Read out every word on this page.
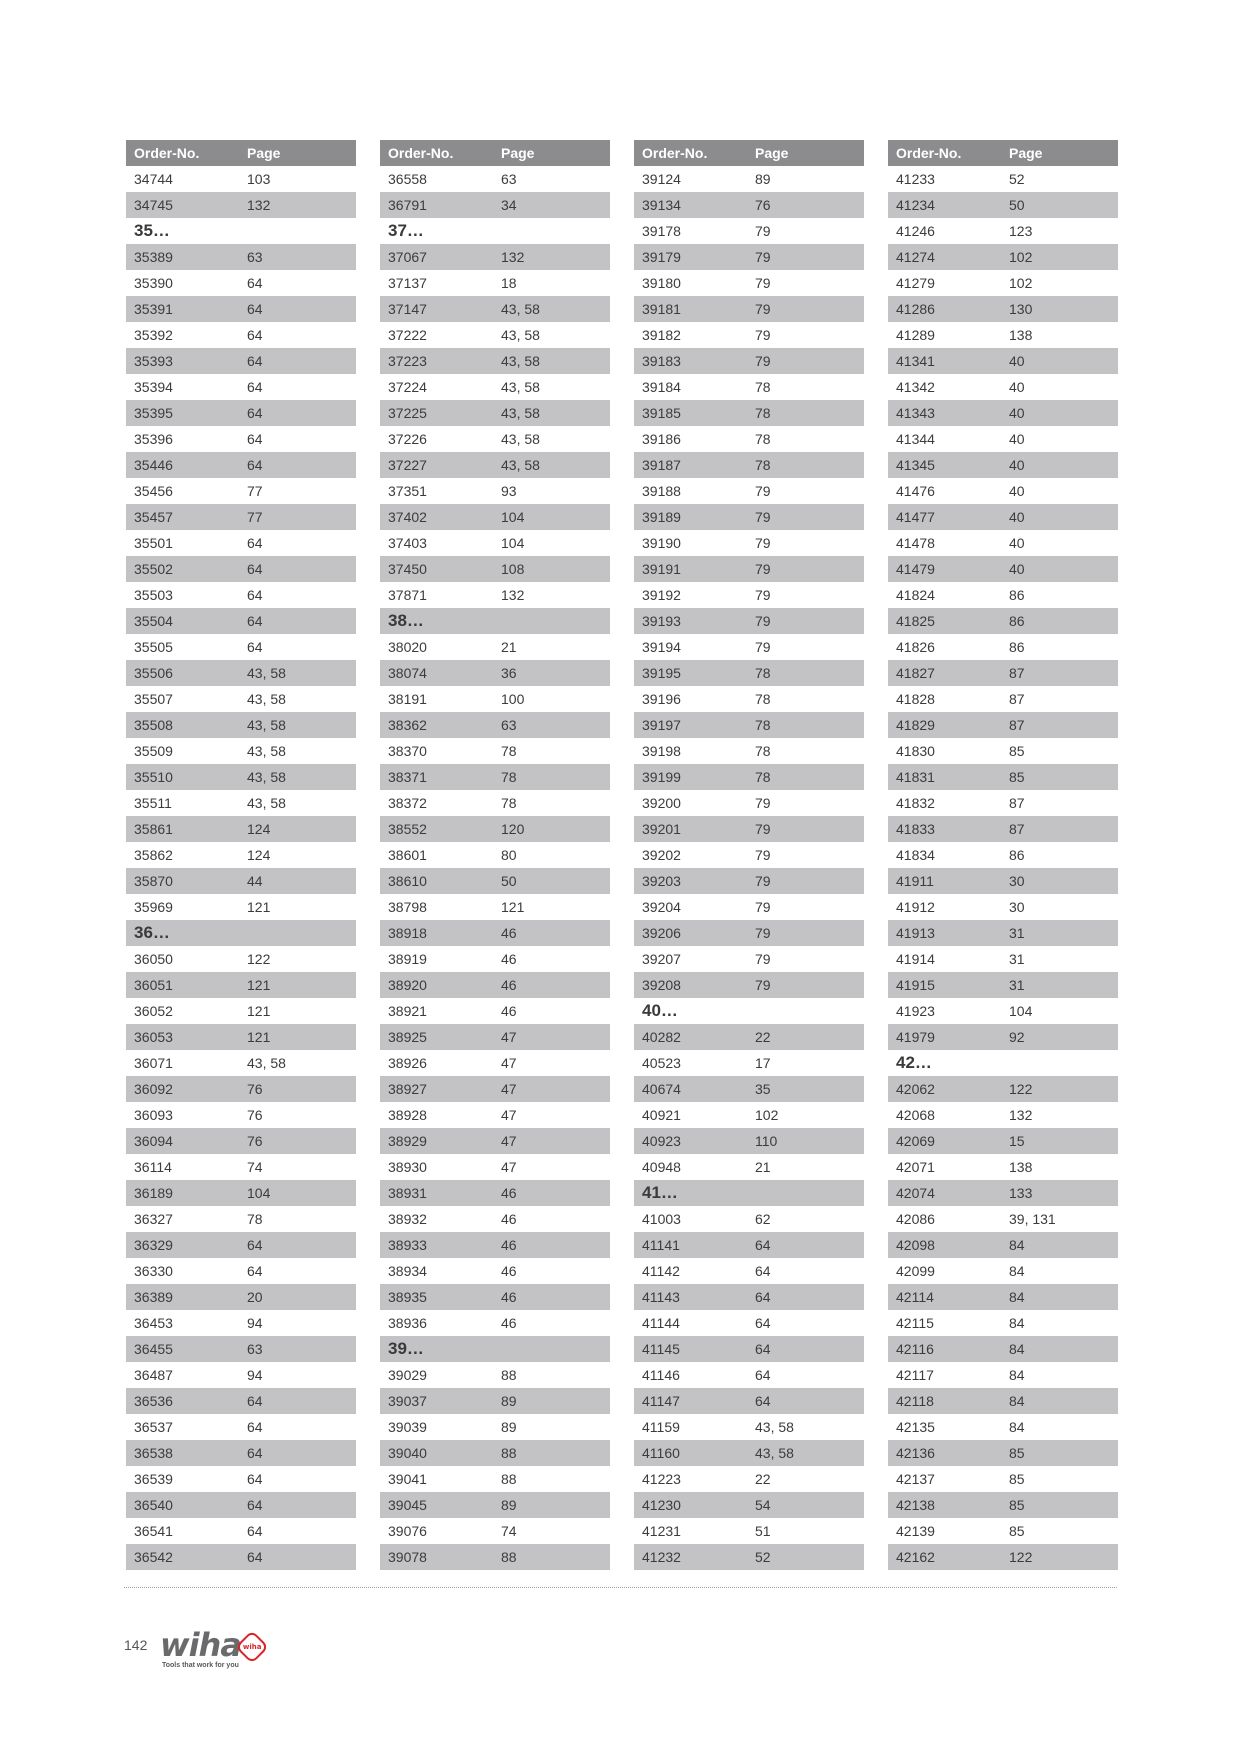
Order-No.	Page
34744	103
34745	132
35…
35389	63
35390	64
35391	64
35392	64
35393	64
35394	64
35395	64
35396	64
35446	64
35456	77
35457	77
35501	64
35502	64
35503	64
35504	64
35505	64
35506	43, 58
35507	43, 58
35508	43, 58
35509	43, 58
35510	43, 58
35511	43, 58
35861	124
35862	124
35870	44
35969	121
36…
36050	122
36051	121
36052	121
36053	121
36071	43, 58
36092	76
36093	76
36094	76
36114	74
36189	104
36327	78
36329	64
36330	64
36389	20
36453	94
36455	63
36487	94
36536	64
36537	64
36538	64
36539	64
36540	64
36541	64
36542	64
Order-No.	Page
36558	63
36791	34
37…
37067	132
37137	18
37147	43, 58
37222	43, 58
37223	43, 58
37224	43, 58
37225	43, 58
37226	43, 58
37227	43, 58
37351	93
37402	104
37403	104
37450	108
37871	132
38…
38020	21
38074	36
38191	100
38362	63
38370	78
38371	78
38372	78
38552	120
38601	80
38610	50
38798	121
38918	46
38919	46
38920	46
38921	46
38925	47
38926	47
38927	47
38928	47
38929	47
38930	47
38931	46
38932	46
38933	46
38934	46
38935	46
38936	46
39…
39029	88
39037	89
39039	89
39040	88
39041	88
39045	89
39076	74
39078	88
Order-No.	Page
39124	89
39134	76
39178	79
39179	79
39180	79
39181	79
39182	79
39183	79
39184	78
39185	78
39186	78
39187	78
39188	79
39189	79
39190	79
39191	79
39192	79
39193	79
39194	79
39195	78
39196	78
39197	78
39198	78
39199	78
39200	79
39201	79
39202	79
39203	79
39204	79
39206	79
39207	79
39208	79
40…
40282	22
40523	17
40674	35
40921	102
40923	110
40948	21
41…
41003	62
41141	64
41142	64
41143	64
41144	64
41145	64
41146	64
41147	64
41159	43, 58
41160	43, 58
41223	22
41230	54
41231	51
41232	52
Order-No.	Page
41233	52
41234	50
41246	123
41274	102
41279	102
41286	130
41289	138
41341	40
41342	40
41343	40
41344	40
41345	40
41476	40
41477	40
41478	40
41479	40
41824	86
41825	86
41826	86
41827	87
41828	87
41829	87
41830	85
41831	85
41832	87
41833	87
41834	86
41911	30
41912	30
41913	31
41914	31
41915	31
41923	104
41979	92
42…
42062	122
42068	132
42069	15
42071	138
42074	133
42086	39, 131
42098	84
42099	84
42114	84
42115	84
42116	84
42117	84
42118	84
42135	84
42136	85
42137	85
42138	85
42139	85
42162	122
142 wiha wiha
Tools that work for you
